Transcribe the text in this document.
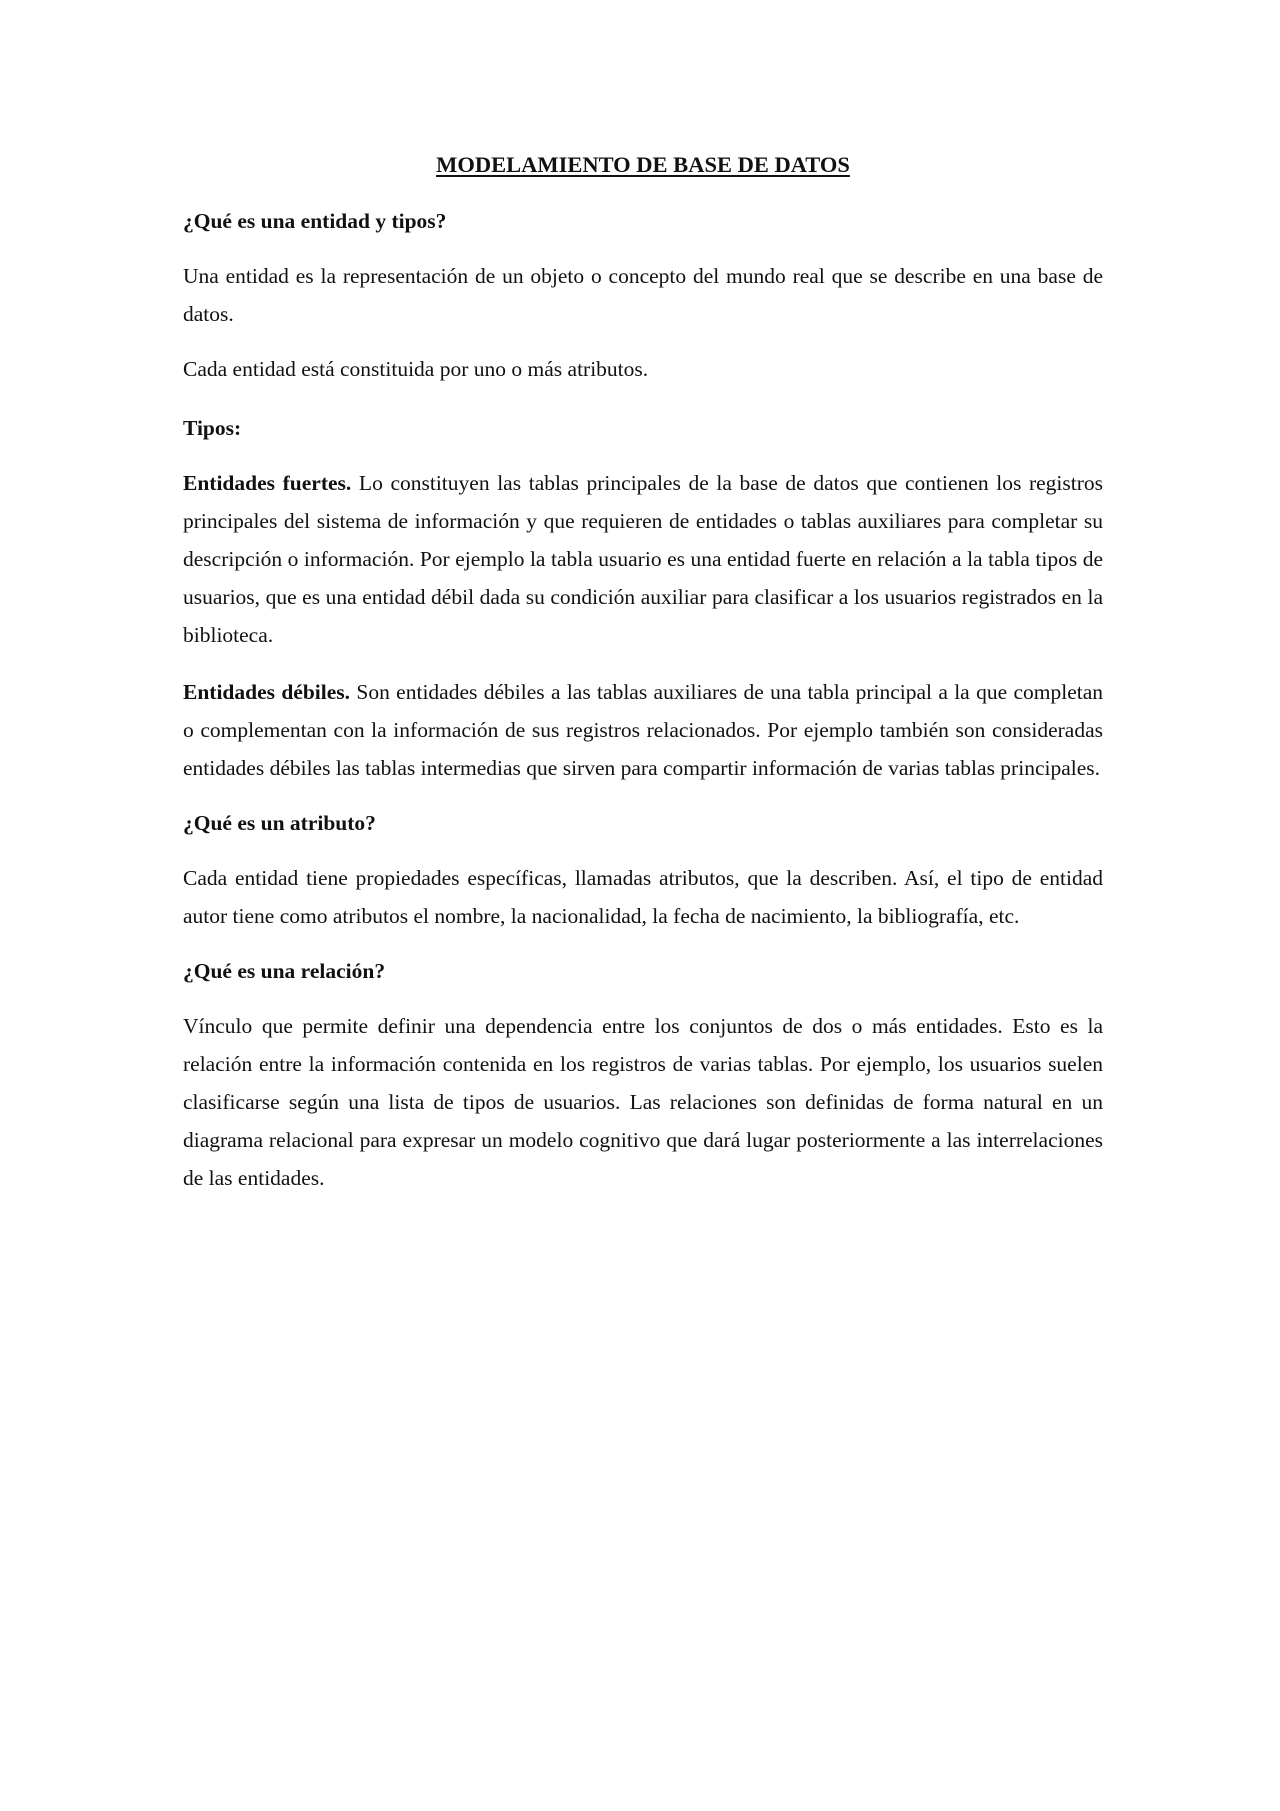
MODELAMIENTO DE BASE DE DATOS
¿Qué es una entidad y tipos?

Una entidad es la representación de un objeto o concepto del mundo real que se describe en una base de datos.

Cada entidad está constituida por uno o más atributos.

Tipos:

Entidades fuertes. Lo constituyen las tablas principales de la base de datos que contienen los registros principales del sistema de información y que requieren de entidades o tablas auxiliares para completar su descripción o información. Por ejemplo la tabla usuario es una entidad fuerte en relación a la tabla tipos de usuarios, que es una entidad débil dada su condición auxiliar para clasificar a los usuarios registrados en la biblioteca.

Entidades débiles. Son entidades débiles a las tablas auxiliares de una tabla principal a la que completan o complementan con la información de sus registros relacionados. Por ejemplo también son consideradas entidades débiles las tablas intermedias que sirven para compartir información de varias tablas principales.

¿Qué es un atributo?

Cada entidad tiene propiedades específicas, llamadas atributos, que la describen. Así, el tipo de entidad autor tiene como atributos el nombre, la nacionalidad, la fecha de nacimiento, la bibliografía, etc.

¿Qué es una relación?

Vínculo que permite definir una dependencia entre los conjuntos de dos o más entidades. Esto es la relación entre la información contenida en los registros de varias tablas. Por ejemplo, los usuarios suelen clasificarse según una lista de tipos de usuarios. Las relaciones son definidas de forma natural en un diagrama relacional para expresar un modelo cognitivo que dará lugar posteriormente a las interrelaciones de las entidades.
